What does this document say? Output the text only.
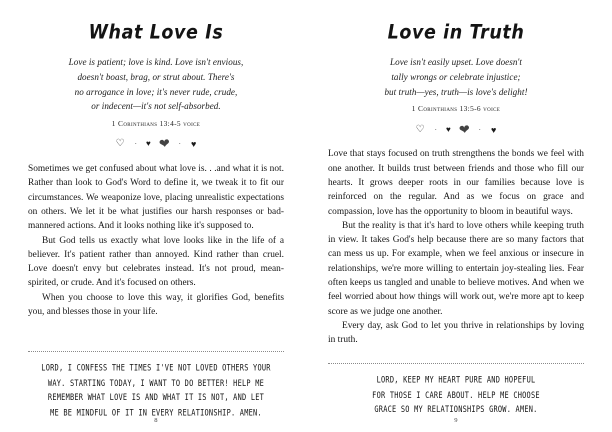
What Love Is
Love is patient; love is kind. Love isn't envious,
doesn't boast, brag, or strut about. There's
no arrogance in love; it's never rude, crude,
or indecent—it's not self-absorbed.
1 Corinthians 13:4-5 voice
♡ · ♥ ❤ · ♥

Sometimes we get confused about what love is. . .and what it is not. Rather than look to God's Word to define it, we tweak it to fit our circumstances. We weaponize love, placing unrealistic expectations on others. We let it be what justifies our harsh responses or bad-mannered actions. And it looks nothing like it's supposed to.

But God tells us exactly what love looks like in the life of a believer. It's patient rather than annoyed. Kind rather than cruel. Love doesn't envy but celebrates instead. It's not proud, mean-spirited, or crude. And it's focused on others.

When you choose to love this way, it glorifies God, benefits you, and blesses those in your life.

LORD, I CONFESS THE TIMES I'VE NOT LOVED OTHERS YOUR
WAY. STARTING TODAY, I WANT TO DO BETTER! HELP ME
REMEMBER WHAT LOVE IS AND WHAT IT IS NOT, AND LET
ME BE MINDFUL OF IT IN EVERY RELATIONSHIP. AMEN.
8
Love in Truth
Love isn't easily upset. Love doesn't
tally wrongs or celebrate injustice;
but truth—yes, truth—is love's delight!
1 Corinthians 13:5-6 voice
♡ · ♥ ❤ · ♥

Love that stays focused on truth strengthens the bonds we feel with one another. It builds trust between friends and those who fill our hearts. It grows deeper roots in our families because love is reinforced on the regular. And as we focus on grace and compassion, love has the opportunity to bloom in beautiful ways.

But the reality is that it's hard to love others while keeping truth in view. It takes God's help because there are so many factors that can mess us up. For example, when we feel anxious or insecure in relationships, we're more willing to entertain joy-stealing lies. Fear often keeps us tangled and unable to believe motives. And when we feel worried about how things will work out, we're more apt to keep score as we judge one another.

Every day, ask God to let you thrive in relationships by loving in truth.

LORD, KEEP MY HEART PURE AND HOPEFUL
FOR THOSE I CARE ABOUT. HELP ME CHOOSE
GRACE SO MY RELATIONSHIPS GROW. AMEN.
9
